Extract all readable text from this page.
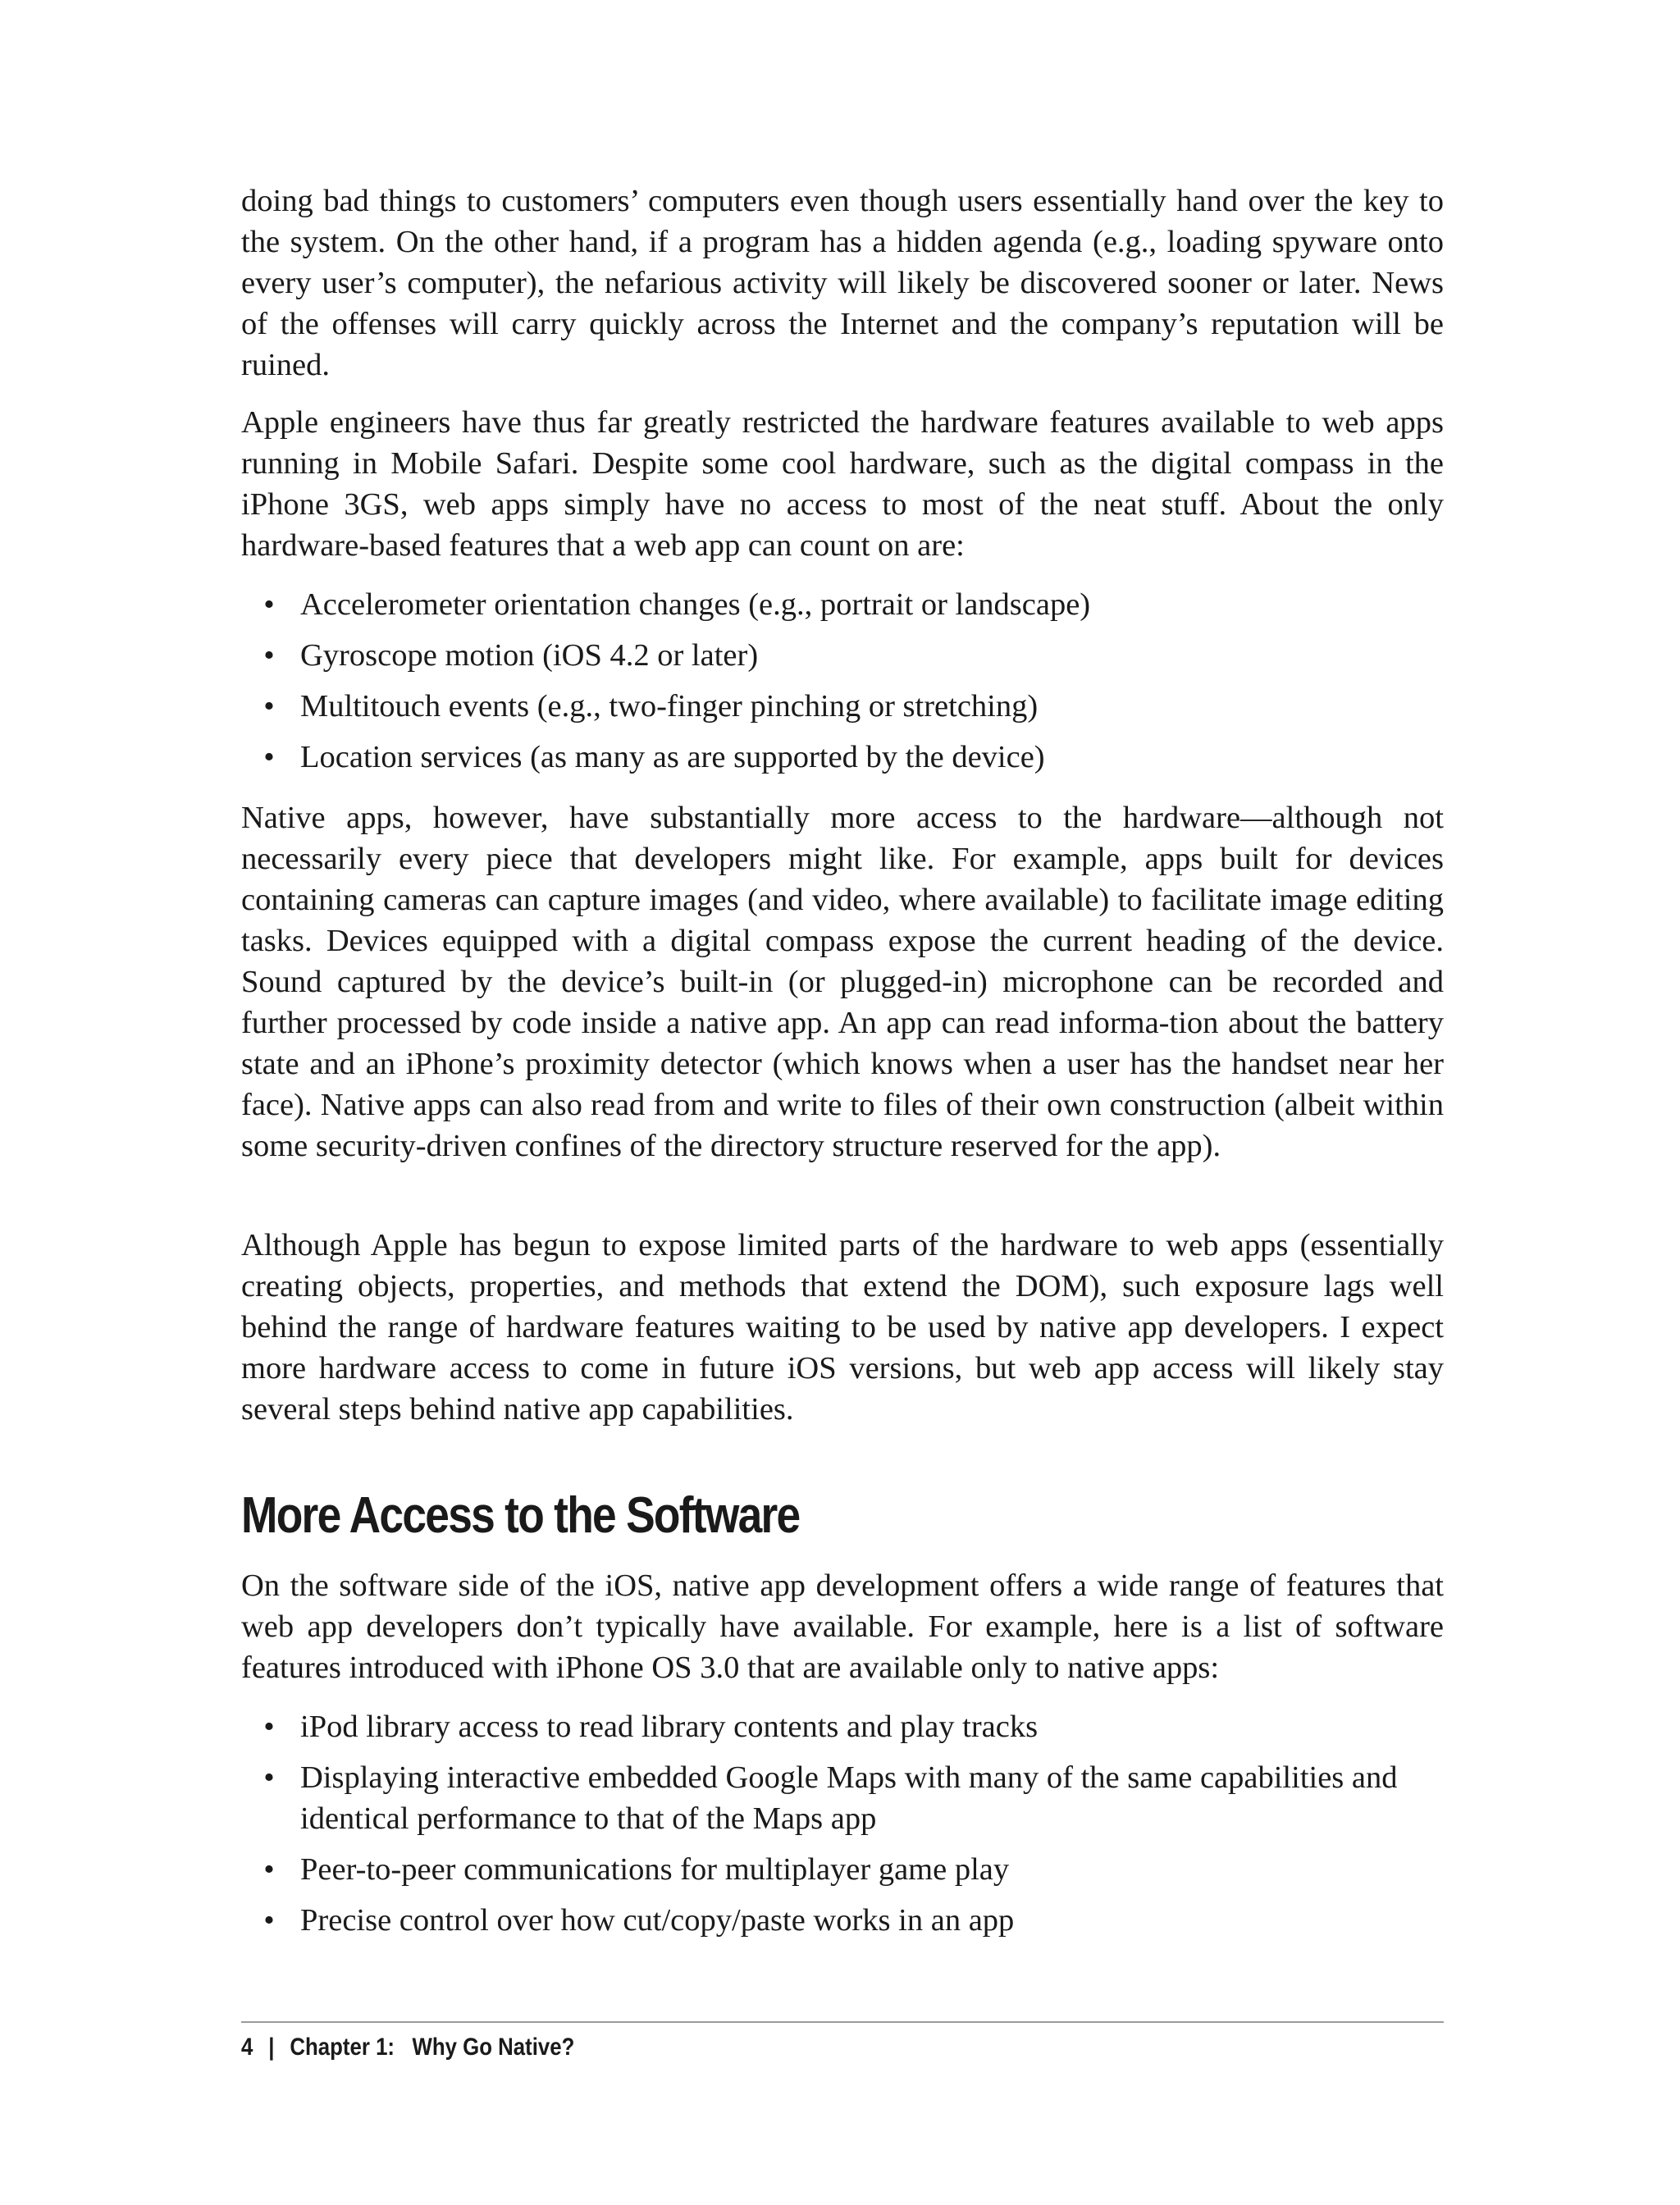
doing bad things to customers’ computers even though users essentially hand over the key to the system. On the other hand, if a program has a hidden agenda (e.g., loading spyware onto every user’s computer), the nefarious activity will likely be discovered sooner or later. News of the offenses will carry quickly across the Internet and the company’s reputation will be ruined.

Apple engineers have thus far greatly restricted the hardware features available to web apps running in Mobile Safari. Despite some cool hardware, such as the digital compass in the iPhone 3GS, web apps simply have no access to most of the neat stuff. About the only hardware-based features that a web app can count on are:

• Accelerometer orientation changes (e.g., portrait or landscape)
• Gyroscope motion (iOS 4.2 or later)
• Multitouch events (e.g., two-finger pinching or stretching)
• Location services (as many as are supported by the device)

Native apps, however, have substantially more access to the hardware—although not necessarily every piece that developers might like. For example, apps built for devices containing cameras can capture images (and video, where available) to facilitate image editing tasks. Devices equipped with a digital compass expose the current heading of the device. Sound captured by the device’s built-in (or plugged-in) microphone can be recorded and further processed by code inside a native app. An app can read informa-tion about the battery state and an iPhone’s proximity detector (which knows when a user has the handset near her face). Native apps can also read from and write to files of their own construction (albeit within some security-driven confines of the directory structure reserved for the app).

Although Apple has begun to expose limited parts of the hardware to web apps (essentially creating objects, properties, and methods that extend the DOM), such exposure lags well behind the range of hardware features waiting to be used by native app developers. I expect more hardware access to come in future iOS versions, but web app access will likely stay several steps behind native app capabilities.

More Access to the Software

On the software side of the iOS, native app development offers a wide range of features that web app developers don’t typically have available. For example, here is a list of software features introduced with iPhone OS 3.0 that are available only to native apps:

• iPod library access to read library contents and play tracks
• Displaying interactive embedded Google Maps with many of the same capabilities and identical performance to that of the Maps app
• Peer-to-peer communications for multiplayer game play
• Precise control over how cut/copy/paste works in an app
4 | Chapter 1:   Why Go Native?
